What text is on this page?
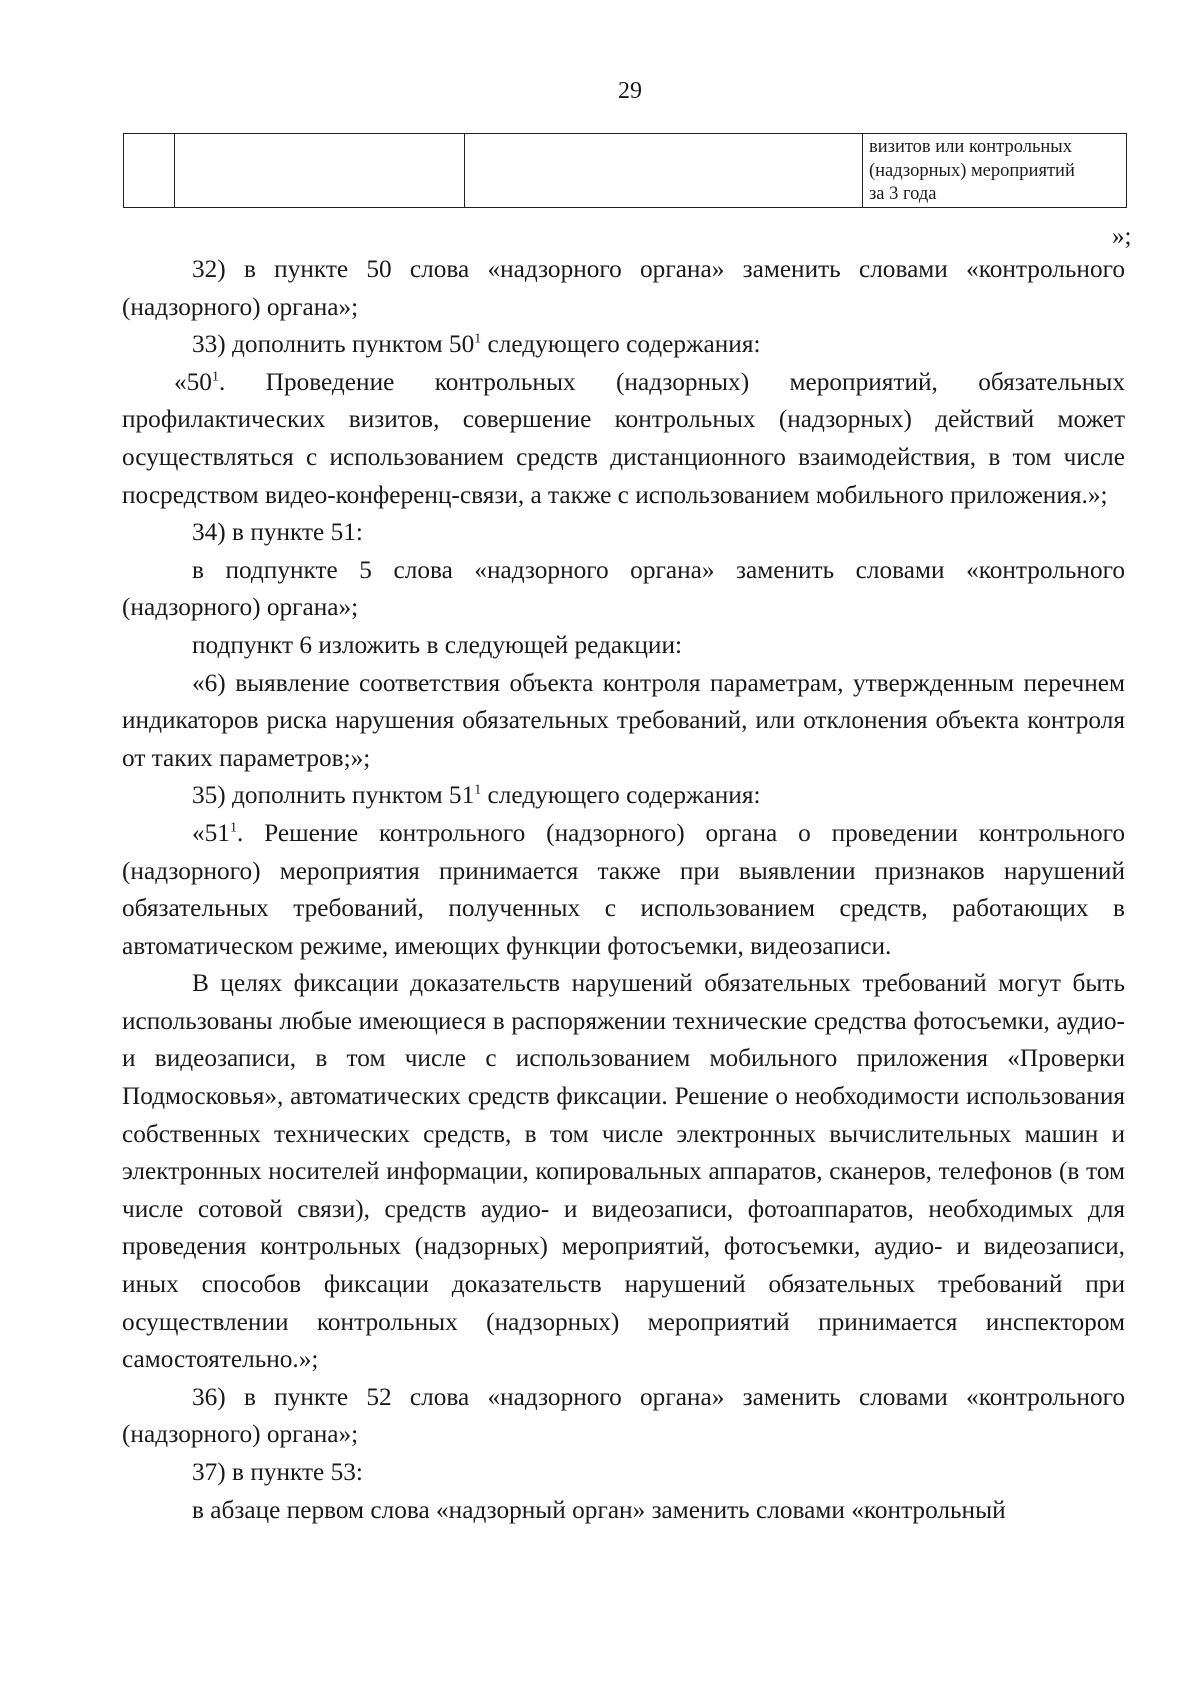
29
визитов или контрольных
(надзорных) мероприятий
за 3 года
»;

32) в пункте 50 слова «надзорного органа» заменить словами «контрольного (надзорного) органа»;

33) дополнить пунктом $50^1$ следующего содержания:

«$50^1$. Проведение контрольных (надзорных) мероприятий, обязательных профилактических визитов, совершение контрольных (надзорных) действий может осуществляться с использованием средств дистанционного взаимодействия, в том числе посредством видео-конференц-связи, а также с использованием мобильного приложения.»;

34) в пункте 51:

в подпункте 5 слова «надзорного органа» заменить словами «контрольного (надзорного) органа»;

подпункт 6 изложить в следующей редакции:

«6) выявление соответствия объекта контроля параметрам, утвержденным перечнем индикаторов риска нарушения обязательных требований, или отклонения объекта контроля от таких параметров;»;

35) дополнить пунктом $51^1$ следующего содержания:

«$51^1$. Решение контрольного (надзорного) органа о проведении контрольного (надзорного) мероприятия принимается также при выявлении признаков нарушений обязательных требований, полученных с использованием средств, работающих в автоматическом режиме, имеющих функции фотосъемки, видеозаписи.

В целях фиксации доказательств нарушений обязательных требований могут быть использованы любые имеющиеся в распоряжении технические средства фотосъемки, аудио- и видеозаписи, в том числе с использованием мобильного приложения «Проверки Подмосковья», автоматических средств фиксации. Решение о необходимости использования собственных технических средств, в том числе электронных вычислительных машин и электронных носителей информации, копировальных аппаратов, сканеров, телефонов (в том числе сотовой связи), средств аудио- и видеозаписи, фотоаппаратов, необходимых для проведения контрольных (надзорных) мероприятий, фотосъемки, аудио- и видеозаписи, иных способов фиксации доказательств нарушений обязательных требований при осуществлении контрольных (надзорных) мероприятий принимается инспектором самостоятельно.»;

36) в пункте 52 слова «надзорного органа» заменить словами «контрольного (надзорного) органа»;

37) в пункте 53:

в абзаце первом слова «надзорный орган» заменить словами «контрольный
